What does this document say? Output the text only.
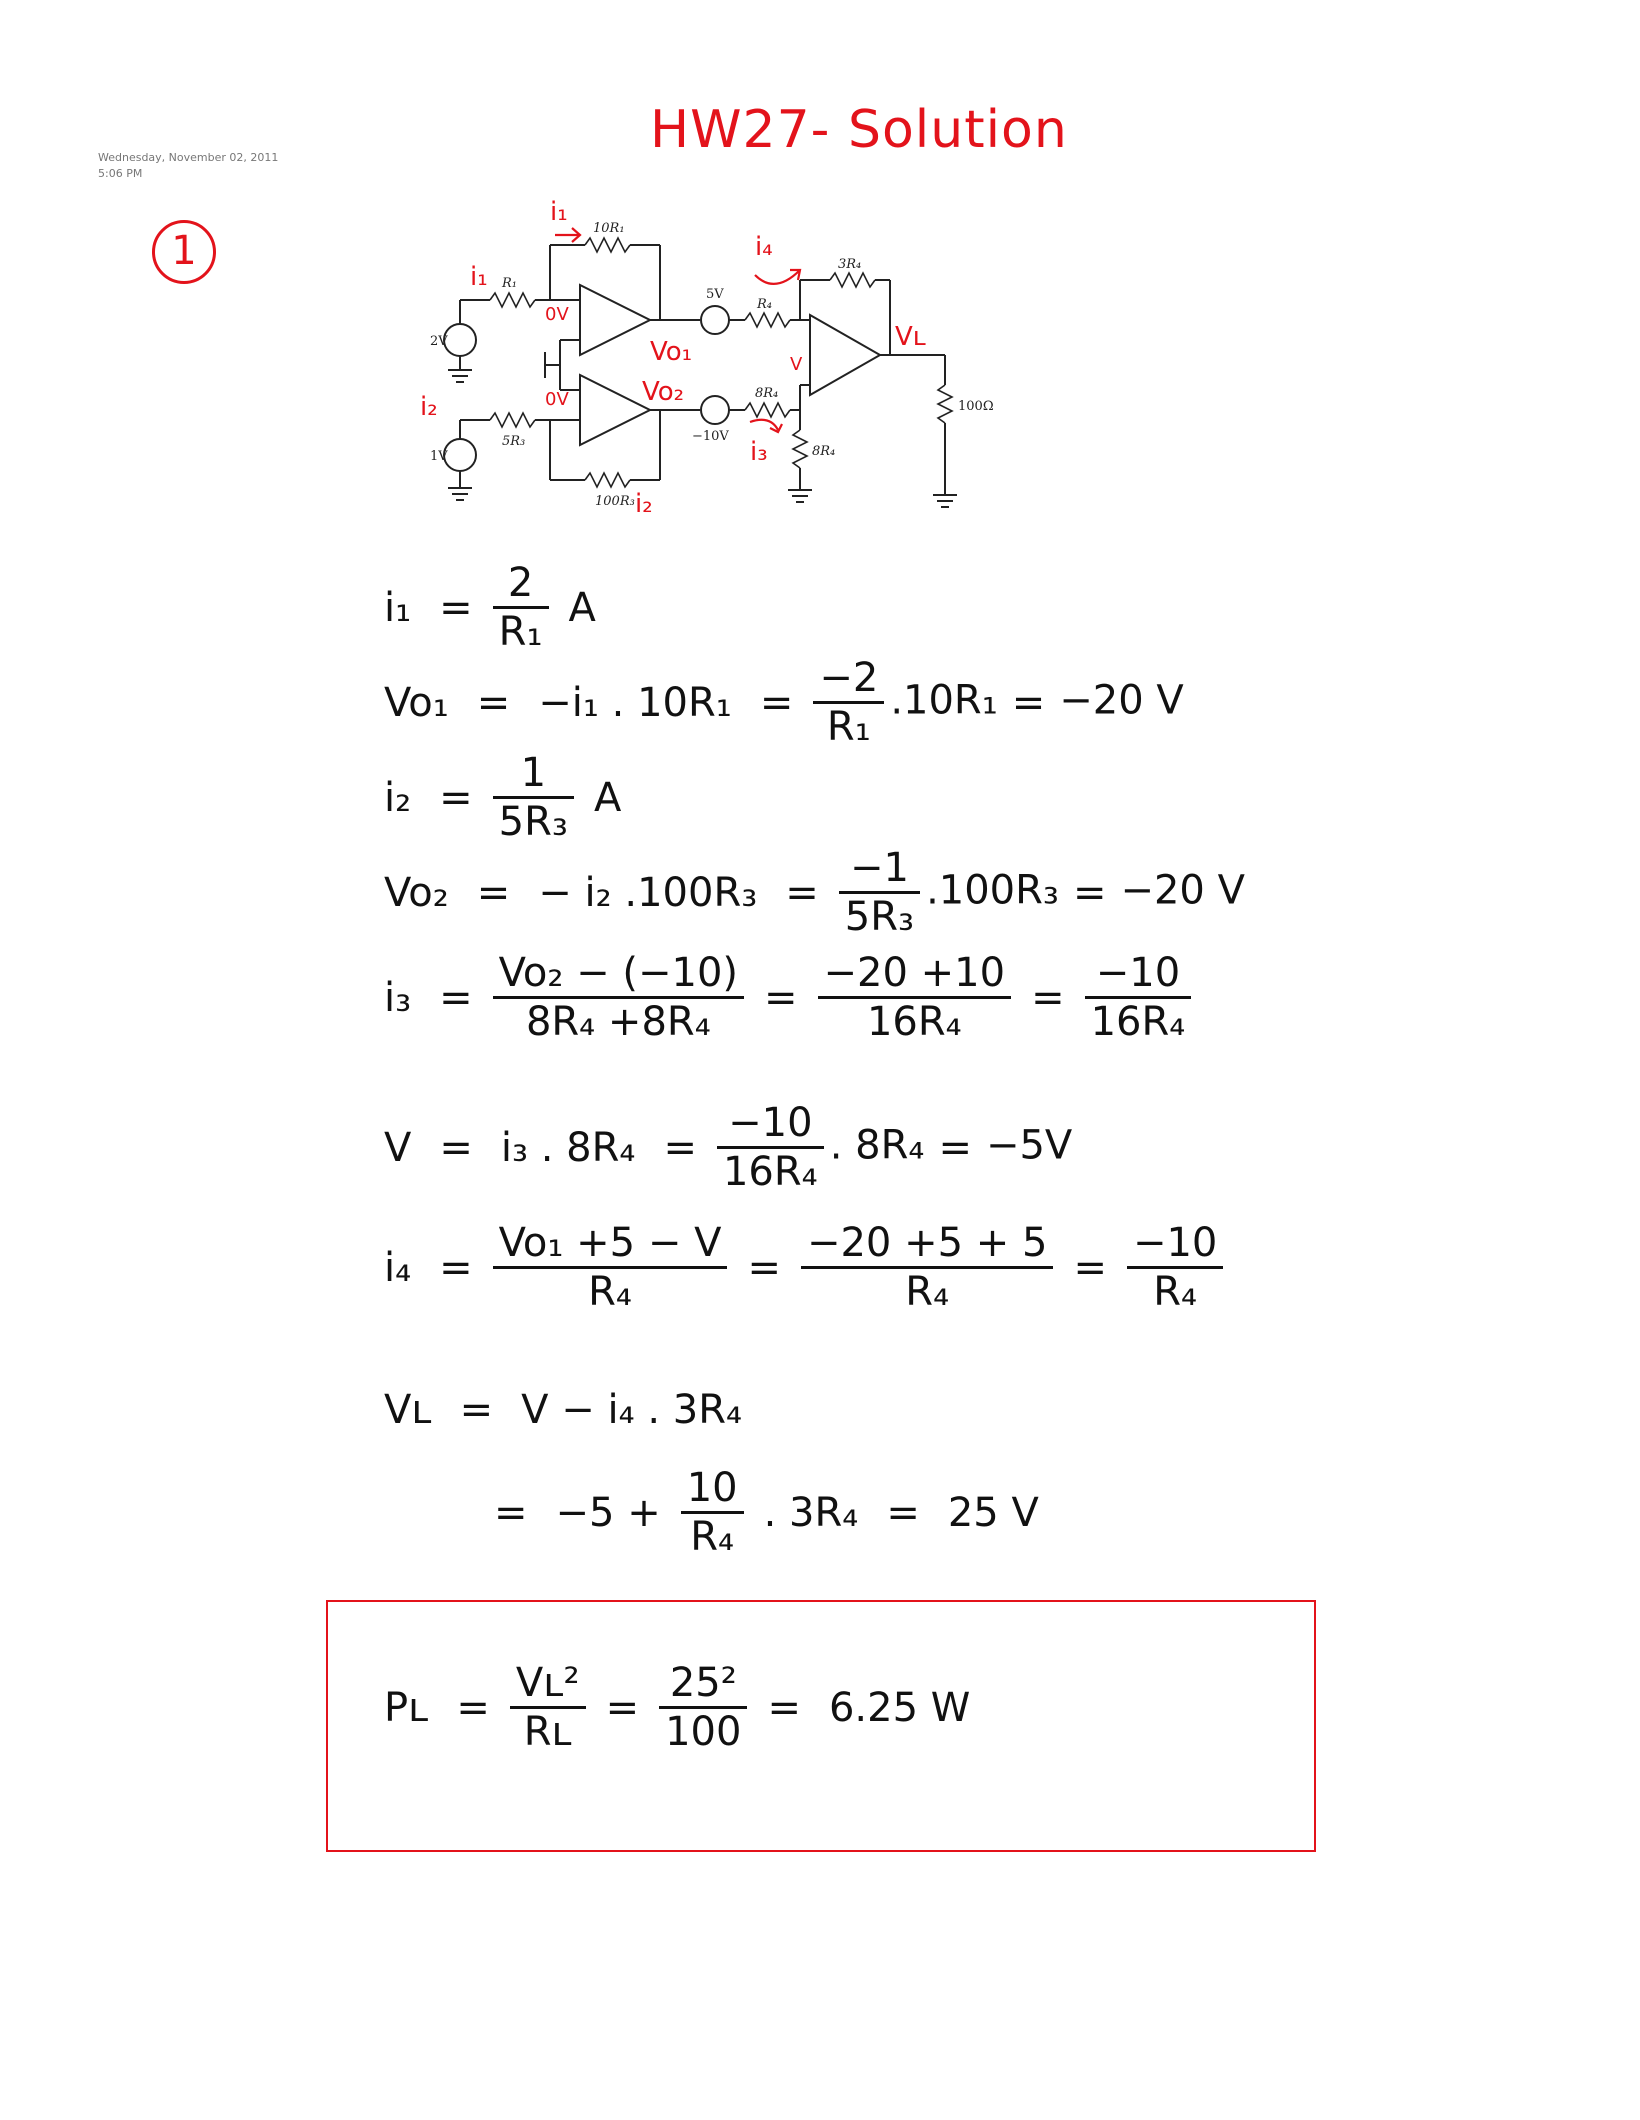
Wednesday, November 02, 2011
5:06 PM
HW27- Solution
1
2V
R₁
10R₁
1V
5R₃
100R₃
5V
R₄
3R₄
−10V
8R₄
8R₄
100Ω
i₁
i₁
0V
Vo₁
i₂	0V	Vo₂
i₂
i₄
V
i₃
Vʟ
$i_1 = \frac{2}{\text{R₁}}$ A
Vo₁ = −i₁ . $10R_1 = \frac{-2}{\text{R₁}} .10R_1 = -20$ V
$i_2 = \frac{1}{\text{5R₃}}$ A
Vo₂ = − i₂ $.100R_3 = \frac{-1}{\text{5R₃}} .100R_3 = -20$ V
$i_3 = \frac{\text{Vo₂ − (−10)}}{\text{8R₄ +8R₄}} = \frac{-20 +10}{\text{16R₄}} = \frac{-10}{\text{16R₄}}$
V = i₃ . $8R_4 = \frac{-10}{\text{16R₄}}$ . 8R₄ = −5V
$i_4 = \frac{\text{Vo₁ +5 − V}}{\text{R₄}} = \frac{-20 +5 + 5}{\text{R₄}} = \frac{-10}{\text{R₄}}$
Vʟ = V − i₄ . 3R₄
= $-5 + \frac{10}{\text{R₄}}$ . 3R₄ = 25 V
Pʟ = $\frac{\text{Vʟ²}}{\text{Rʟ}} = \frac{\text{25²}}{100} = 6.25$ W
